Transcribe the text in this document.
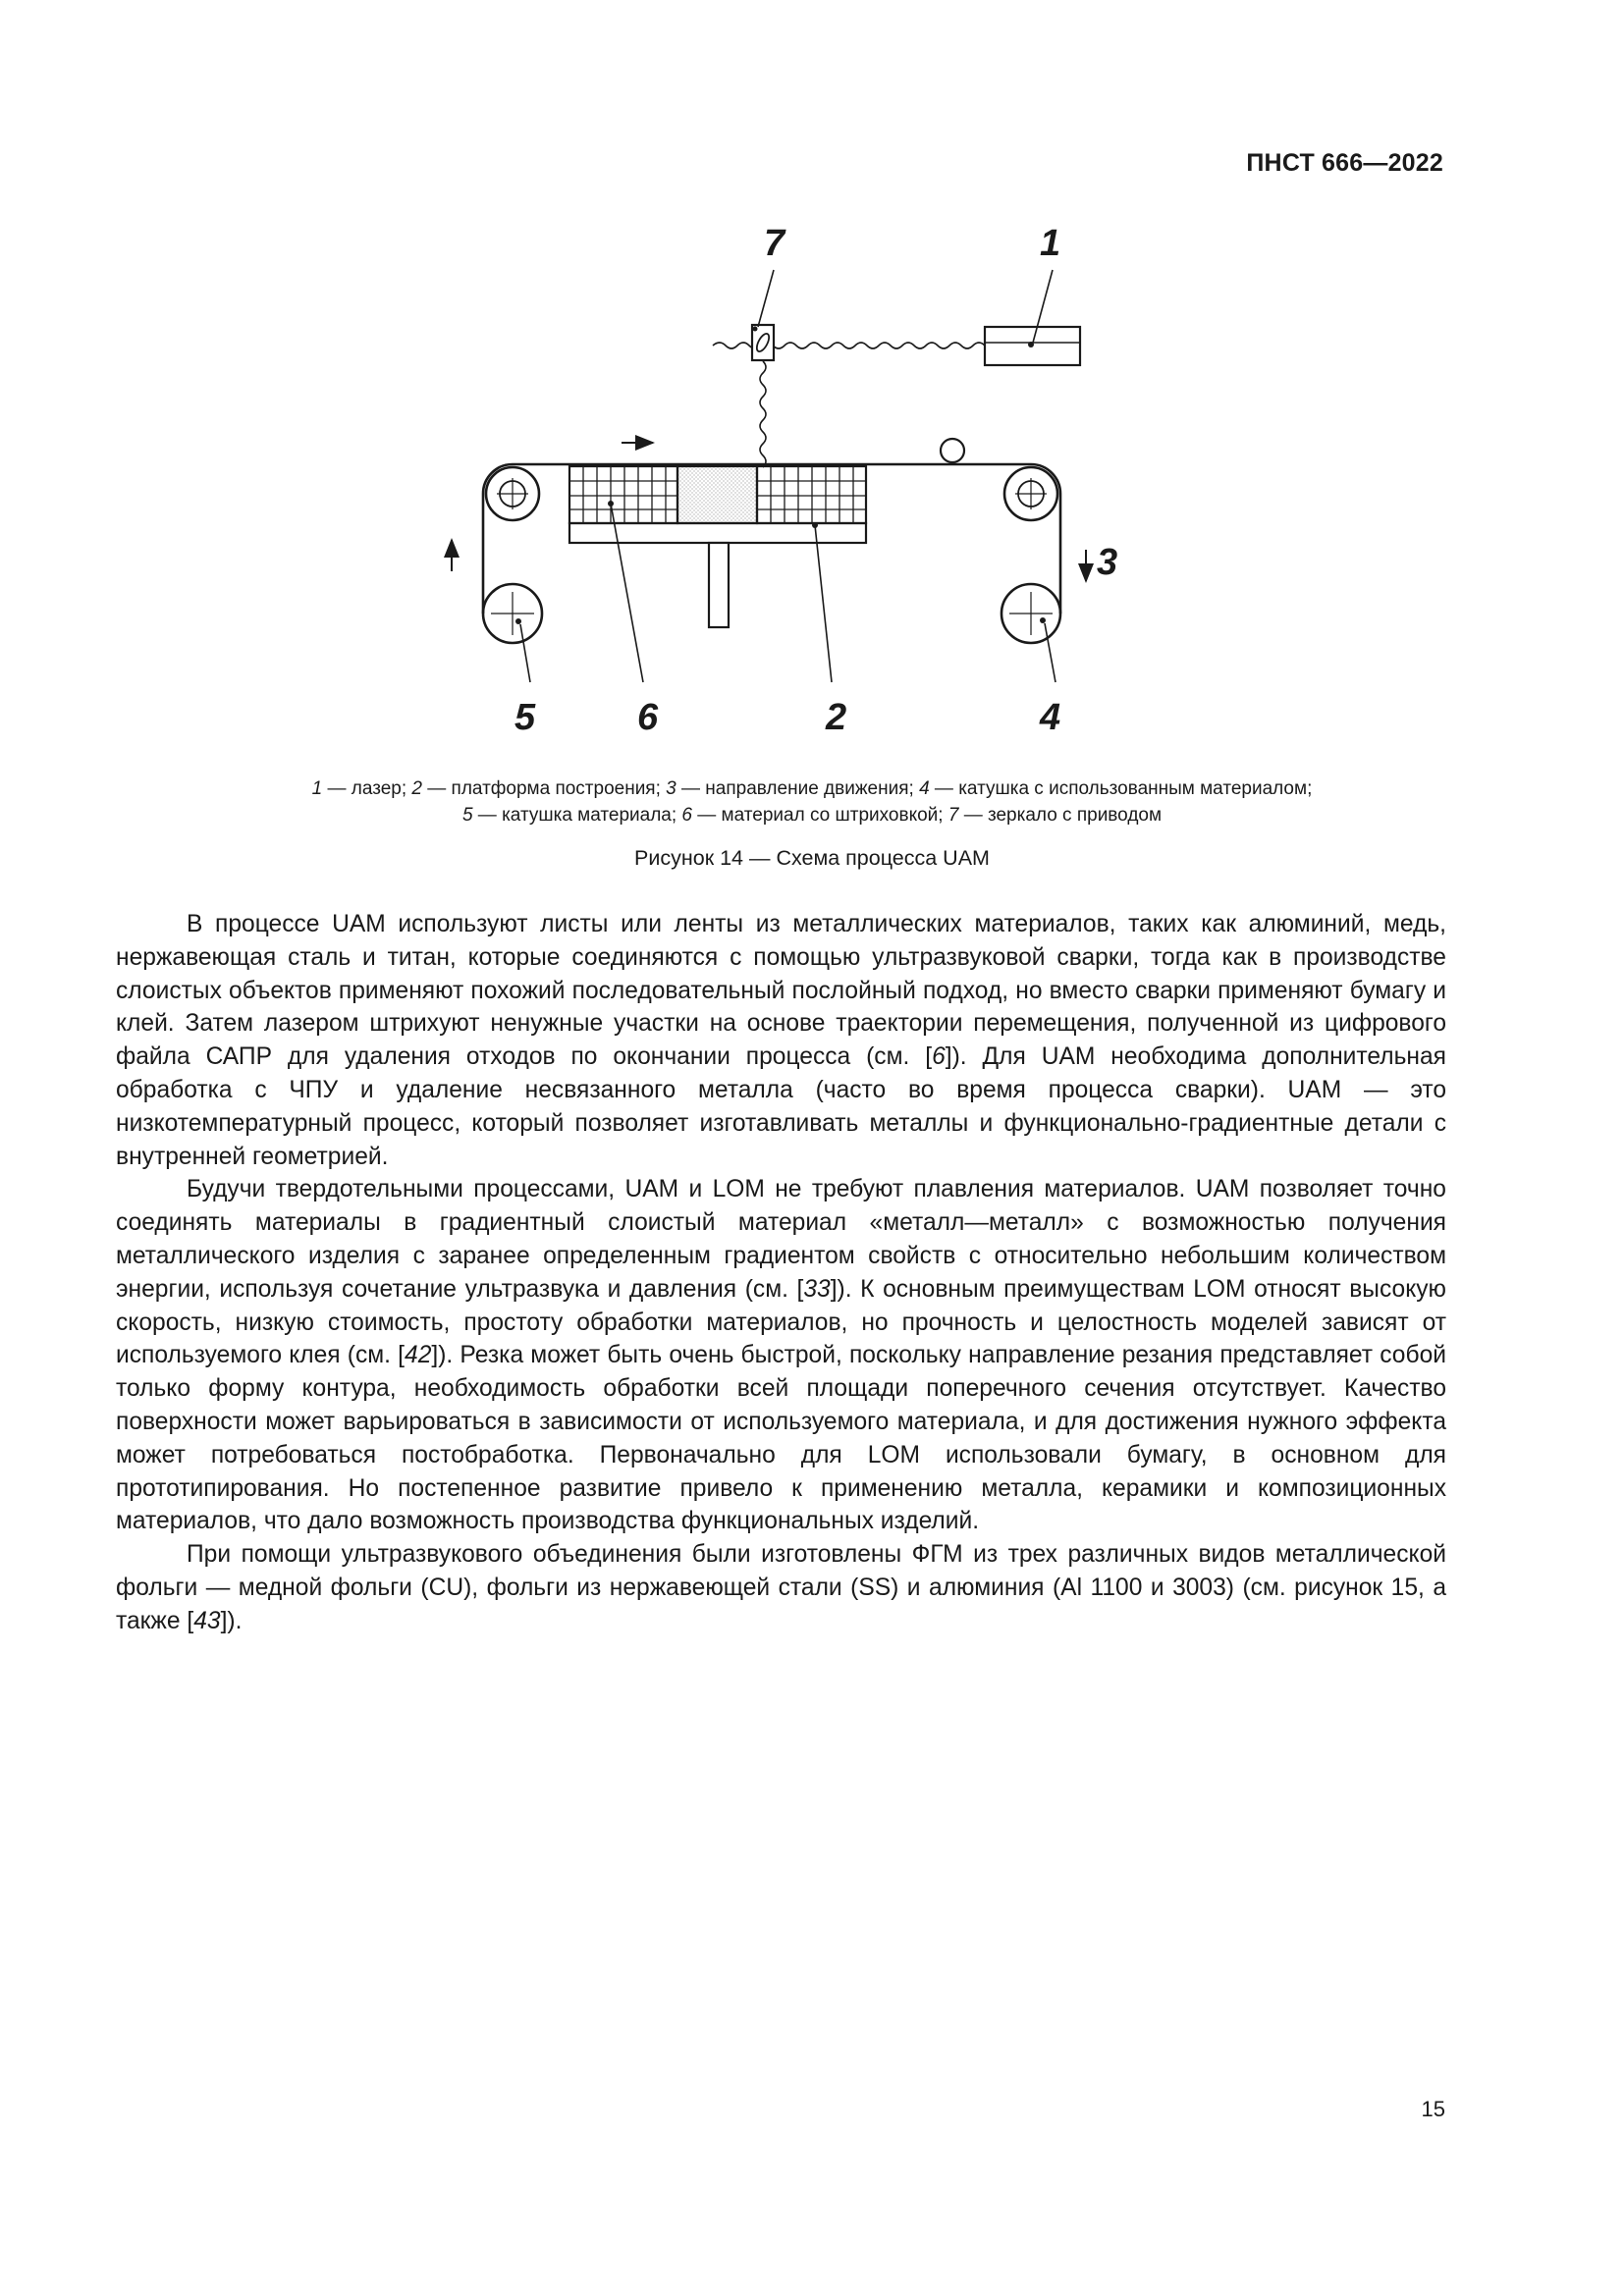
ПНСТ 666—2022
7	1
3
5	6	2	4
1 — лазер; 2 — платформа построения; 3 — направление движения; 4 — катушка с использованным материалом;
5 — катушка материала; 6 — материал со штриховкой; 7 — зеркало с приводом
Рисунок 14 — Схема процесса UAM

В процессе UAM используют листы или ленты из металлических материалов, таких как алюминий, медь, нержавеющая сталь и титан, которые соединяются с помощью ультразвуковой сварки, тогда как в производстве слоистых объектов применяют похожий последовательный послойный подход, но вместо сварки применяют бумагу и клей. Затем лазером штрихуют ненужные участки на основе траектории перемещения, полученной из цифрового файла САПР для удаления отходов по окончании процесса (см. [6]). Для UAM необходима дополнительная обработка с ЧПУ и удаление несвязанного металла (часто во время процесса сварки). UAM — это низкотемпературный процесс, который позволяет изготавливать металлы и функционально-градиентные детали с внутренней геометрией.

Будучи твердотельными процессами, UAM и LOM не требуют плавления материалов. UAM позволяет точно соединять материалы в градиентный слоистый материал «металл—металл» с возможностью получения металлического изделия с заранее определенным градиентом свойств с относительно небольшим количеством энергии, используя сочетание ультразвука и давления (см. [33]). К основным преимуществам LOM относят высокую скорость, низкую стоимость, простоту обработки материалов, но прочность и целостность моделей зависят от используемого клея (см. [42]). Резка может быть очень быстрой, поскольку направление резания представляет собой только форму контура, необходимость обработки всей площади поперечного сечения отсутствует. Качество поверхности может варьироваться в зависимости от используемого материала, и для достижения нужного эффекта может потребоваться постобработка. Первоначально для LOM использовали бумагу, в основном для прототипирования. Но постепенное развитие привело к применению металла, керамики и композиционных материалов, что дало возможность производства функциональных изделий.

При помощи ультразвукового объединения были изготовлены ФГМ из трех различных видов металлической фольги — медной фольги (CU), фольги из нержавеющей стали (SS) и алюминия (Al 1100 и 3003) (см. рисунок 15, а также [43]).

15
